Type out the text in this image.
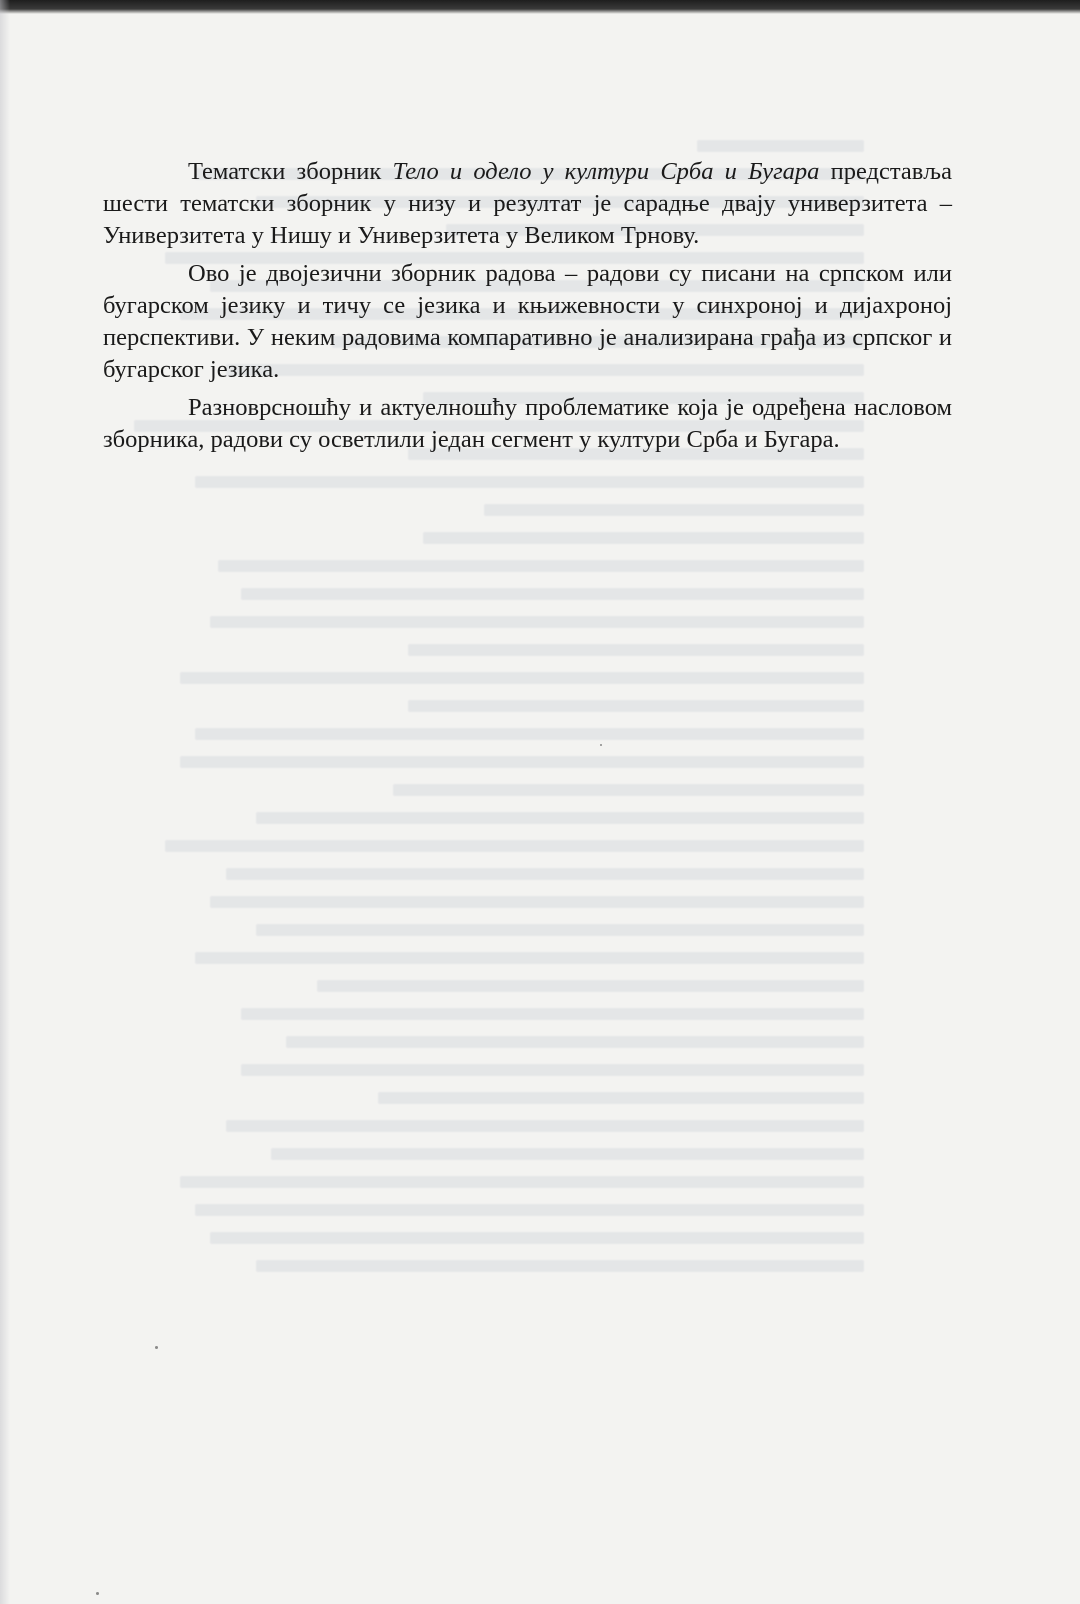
Тематски зборник Тело и одело у култури Срба и Бугара представља шести тематски зборник у низу и резултат је сарадње двају универзитета – Универзитета у Нишу и Универзитета у Великом Трнову.

Ово је двојезични зборник радова – радови су писани на српском или бугарском језику и тичу се језика и књижевности у синхроној и дијахроној перспективи. У неким радовима компаративно је анализирана грађа из српског и бугарског језика.

Разноврсношћу и актуелношћу проблематике која је одређена насловом зборника, радови су осветлили један сегмент у култури Срба и Бугара.
